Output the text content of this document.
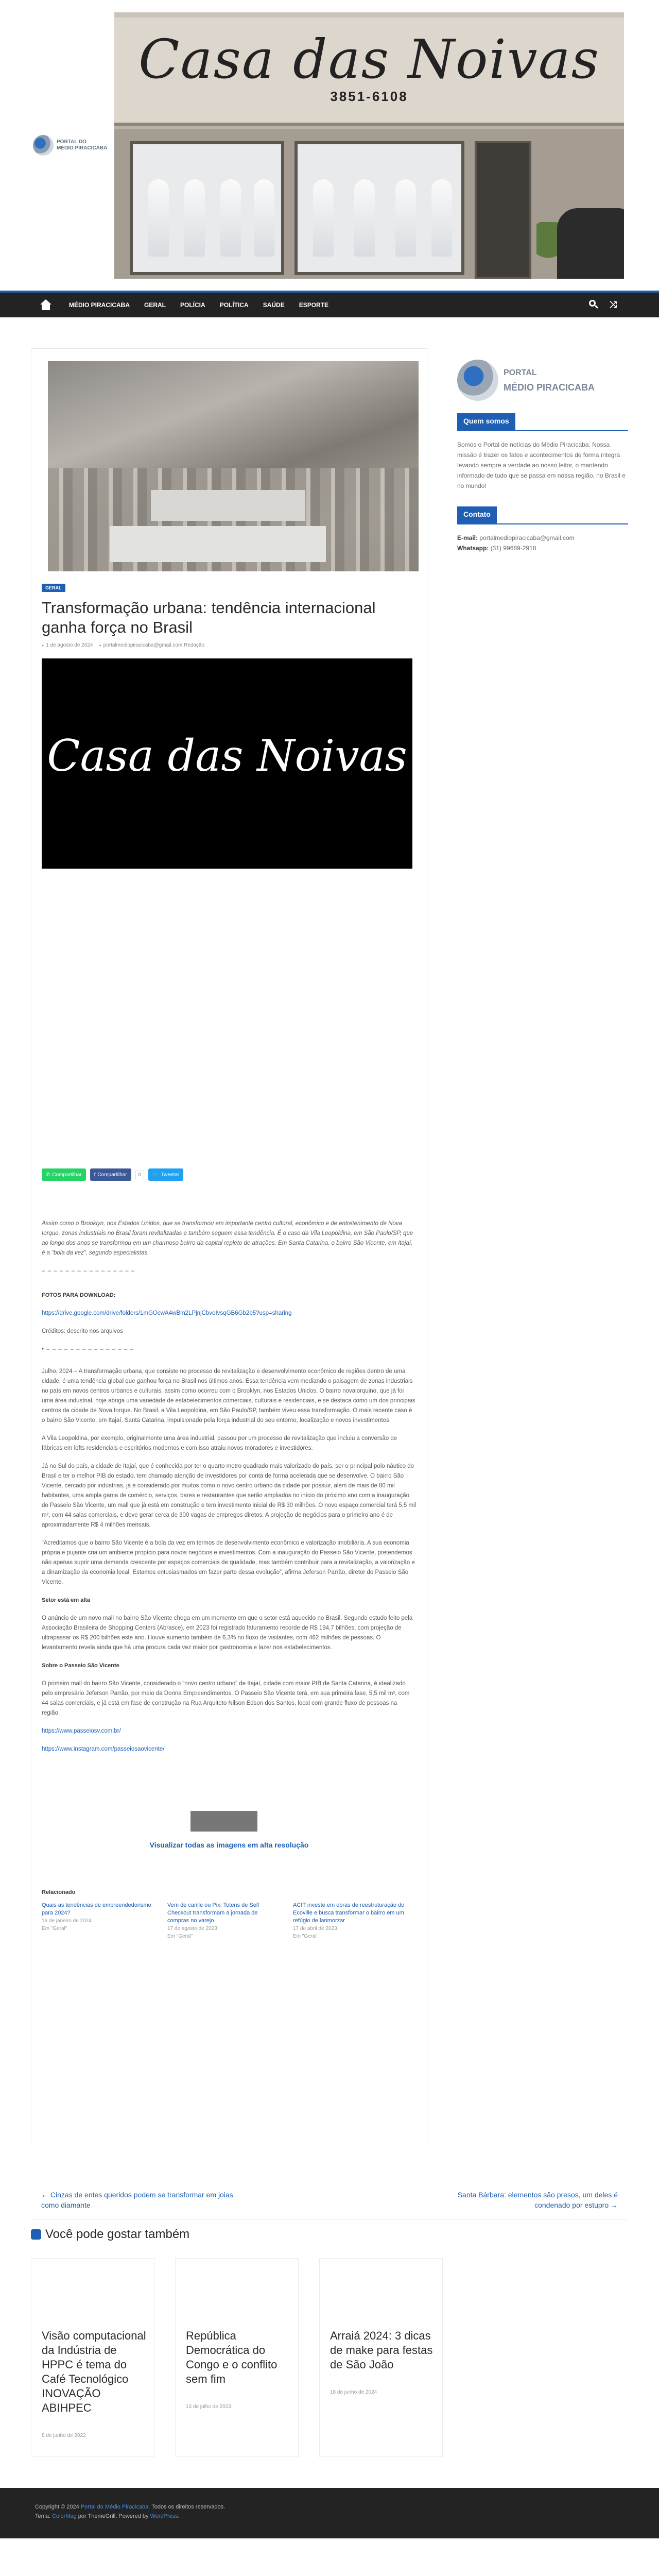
PORTAL DO
MÉDIO PIRACICABA
Casa das Noivas
3851-6108
MÉDIO PIRACICABA	GERAL	POLÍCIA	POLÍTICA	SAÚDE	ESPORTE	⤨
GERAL
Transformação urbana: tendência internacional ganha força no Brasil
● 1 de agosto de 2024
●	portalmediopiracicaba@gmail.com Redação
Casa das Noivas
✆ Compartilhar f Compartilhar	0	🐦 Tweetar

Assim como o Brooklyn, nos Estados Unidos, que se transformou em importante centro cultural, econômico e de entretenimento de Nova Iorque, zonas industriais no Brasil foram revitalizadas e também seguem essa tendência. É o caso da Vila Leopoldina, em São Paulo/SP, que ao longo dos anos se transformou em um charmoso bairro da capital repleto de atrações. Em Santa Catarina, o bairro São Vicente, em Itajaí, é a “bola da vez”, segundo especialistas.

– – – – – – – – – – – – – – – –

FOTOS PARA DOWNLOAD:

https://drive.google.com/drive/folders/1mGOcwA4wBm2LPjnjCbvoIvsqGB6Gb2b5?usp=sharing

Créditos: descrito nos arquivos

• – – – – – – – – – – – – – – –

Julho, 2024 – A transformação urbana, que consiste no processo de revitalização e desenvolvimento econômico de regiões dentro de uma cidade, é uma tendência global que ganhou força no Brasil nos últimos anos. Essa tendência vem mediando o paisagem de zonas industriais no país em novos centros urbanos e culturais, assim como ocorreu com o Brooklyn, nos Estados Unidos. O bairro novaiorquino, que já foi uma área industrial, hoje abriga uma variedade de estabelecimentos comerciais, culturais e residenciais, e se destaca como um dos principais centros da cidade de Nova Iorque. No Brasil, a Vila Leopoldina, em São Paulo/SP, também viveu essa transformação. O mais recente caso é o bairro São Vicente, em Itajaí, Santa Catarina, impulsionado pela força industrial do seu entorno, localização e novos investimentos.

A Vila Leopoldina, por exemplo, originalmente uma área industrial, passou por um processo de revitalização que incluiu a conversão de fábricas em lofts residenciais e escritórios modernos e com isso atraiu novos moradores e investidores.

Já no Sul do país, a cidade de Itajaí, que é conhecida por ter o quarto metro quadrado mais valorizado do país, ser o principal polo náutico do Brasil e ter o melhor PIB do estado, tem chamado atenção de investidores por conta de forma acelerada que se desenvolve. O bairro São Vicente, cercado por indústrias, já é considerado por muitos como o novo centro urbano da cidade por possuir, além de mais de 80 mil habitantes, uma ampla gama de comércio, serviços, bares e restaurantes que serão ampliados no início do próximo ano com a inauguração do Passeio São Vicente, um mall que já está em construção e tem investimento inicial de R$ 30 milhões. O novo espaço comercial terá 5,5 mil m², com 44 salas comerciais, e deve gerar cerca de 300 vagas de empregos diretos. A projeção de negócios para o primeiro ano é de aproximadamente R$ 4 milhões mensais.

“Acreditamos que o bairro São Vicente é a bola da vez em termos de desenvolvimento econômico e valorização imobiliária. A sua economia própria e pujante cria um ambiente propício para novos negócios e investimentos. Com a inauguração do Passeio São Vicente, pretendemos não apenas suprir uma demanda crescente por espaços comerciais de qualidade, mas também contribuir para a revitalização, a valorização e a dinamização da economia local. Estamos entusiasmados em fazer parte dessa evolução”, afirma Jeferson Parrão, diretor do Passeio São Vicente.

Setor está em alta

O anúncio de um novo mall no bairro São Vicente chega em um momento em que o setor está aquecido no Brasil. Segundo estudo feito pela Associação Brasileira de Shopping Centers (Abrasce), em 2023 foi registrado faturamento recorde de R$ 194,7 bilhões, com projeção de ultrapassar os R$ 200 bilhões este ano. Houve aumento também de 6,3% no fluxo de visitantes, com 462 milhões de pessoas. O levantamento revela ainda que há uma procura cada vez maior por gastronomia e lazer nos estabelecimentos.

Sobre o Passeio São Vicente

O primeiro mall do bairro São Vicente, considerado o “novo centro urbano” de Itajaí, cidade com maior PIB de Santa Catarina, é idealizado pelo empresário Jeferson Parrão, por meio da Donna Empreendimentos. O Passeio São Vicente terá, em sua primeira fase, 5,5 mil m², com 44 salas comerciais, e já está em fase de construção na Rua Arquiteto Nilson Edson dos Santos, local com grande fluxo de pessoas na região.

https://www.passeiosv.com.br/

https://www.instagram.com/passeiosaovicente/

Visualizar todas as imagens em alta resolução
Relacionado
Quais as tendências de empreendedorismo para 2024?
16 de janeiro de 2024
Em "Geral"
Vem de carille ou Pix: Totens de Self Checkout transformam a jornada de compras no varejo
17 de agosto de 2023
Em "Geral"
ACIT investe em obras de reestruturação do Ecoville e busca transformar o bairro em um refúgio de lanmorzar
17 de abril de 2023
Em "Geral"
PORTAL
MÉDIO PIRACICABA
Quem somos
Somos o Portal de notícias do Médio Piracicaba. Nossa missão é trazer os fatos e acontecimentos de forma íntegra levando sempre a verdade ao nosso leitor, o mantendo informado de tudo que se passa em nossa região, no Brasil e no mundo!
Contato
E-mail: portalmediopiracicaba@gmail.com
Whatsapp: (31) 99689-2918
← Cinzas de entes queridos podem se transformar em joias como diamante
Santa Bárbara: elementos são presos, um deles é condenado por estupro →
Você pode gostar também
Visão computacional da Indústria de HPPC é tema do Café Tecnológico INOVAÇÃO ABIHPEC
8 de junho de 2022
República Democrática do Congo e o conflito sem fim
13 de julho de 2023
Arraiá 2024: 3 dicas de make para festas de São João
18 de junho de 2024
Copyright © 2024 Portal do Médio Piracicaba. Todos os direitos reservados.
Tema: ColorMag por ThemeGrill. Powered by WordPress.
